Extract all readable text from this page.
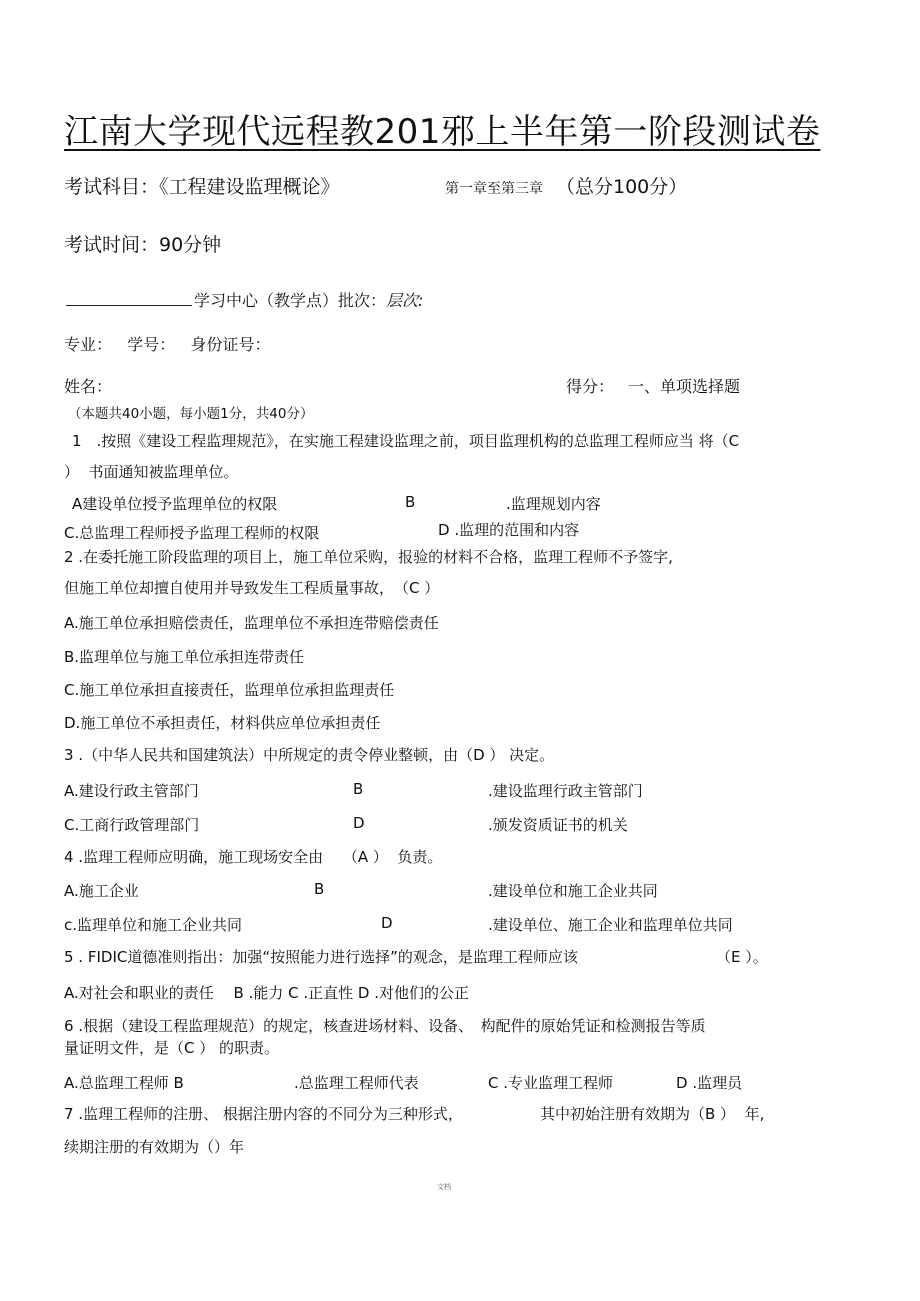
江南大学现代远程教201邪上半年第一阶段测试卷
考试科目：《工程建设监理概论》	第一章至第三章 （总分100分）
考试时间：90分钟
学习中心（教学点）批次：层次:
专业：   学号：   身份证号：
姓名：	得分： 一、单项选择题
（本题共40小题，每小题1分，共40分）
1　.按照《建设工程监理规范》，在实施工程建设监理之前，项目监理机构的总监理工程师应当 将（C
）  书面通知被监理单位。
A建设单位授予监理单位的权限	B	.监理规划内容
C.总监理工程师授予监理工程师的权限	D .监理的范围和内容
2 .在委托施工阶段监理的项目上，施工单位采购，报验的材料不合格，监理工程师不予签字,
但施工单位却擅自使用并导致发生工程质量事故，　（C ）
A.施工单位承担赔偿责任，监理单位不承担连带赔偿责任
B.监理单位与施工单位承担连带责任
C.施工单位承担直接责任，监理单位承担监理责任
D.施工单位不承担责任，材料供应单位承担责任
3 .（中华人民共和国建筑法）中所规定的责令停业整顿，由（D ） 决定。
A.建设行政主管部门	B	.建设监理行政主管部门
C.工商行政管理部门	D	.颁发资质证书的机关
4 .监理工程师应明确，施工现场安全由　 （A ）  负责。
A.施工企业	B	.建设单位和施工企业共同
c.监理单位和施工企业共同	D	.建设单位、施工企业和监理单位共同
5 . FIDIC道德准则指出：加强“按照能力进行选择”的观念，是监理工程师应该	（E ）。
A.对社会和职业的责任　 B .能力 C .正直性 D .对他们的公正
6 .根据（建设工程监理规范）的规定，核查进场材料、设备、　构配件的原始凭证和检测报告等质
量证明文件，是（C ） 的职责。
A.总监理工程师 B	.总监理工程师代表	C .专业监理工程师	D .监理员
7 .监理工程师的注册、 根据注册内容的不同分为三种形式，	其中初始注册有效期为（B ）  年,
续期注册的有效期为（）年
文档
